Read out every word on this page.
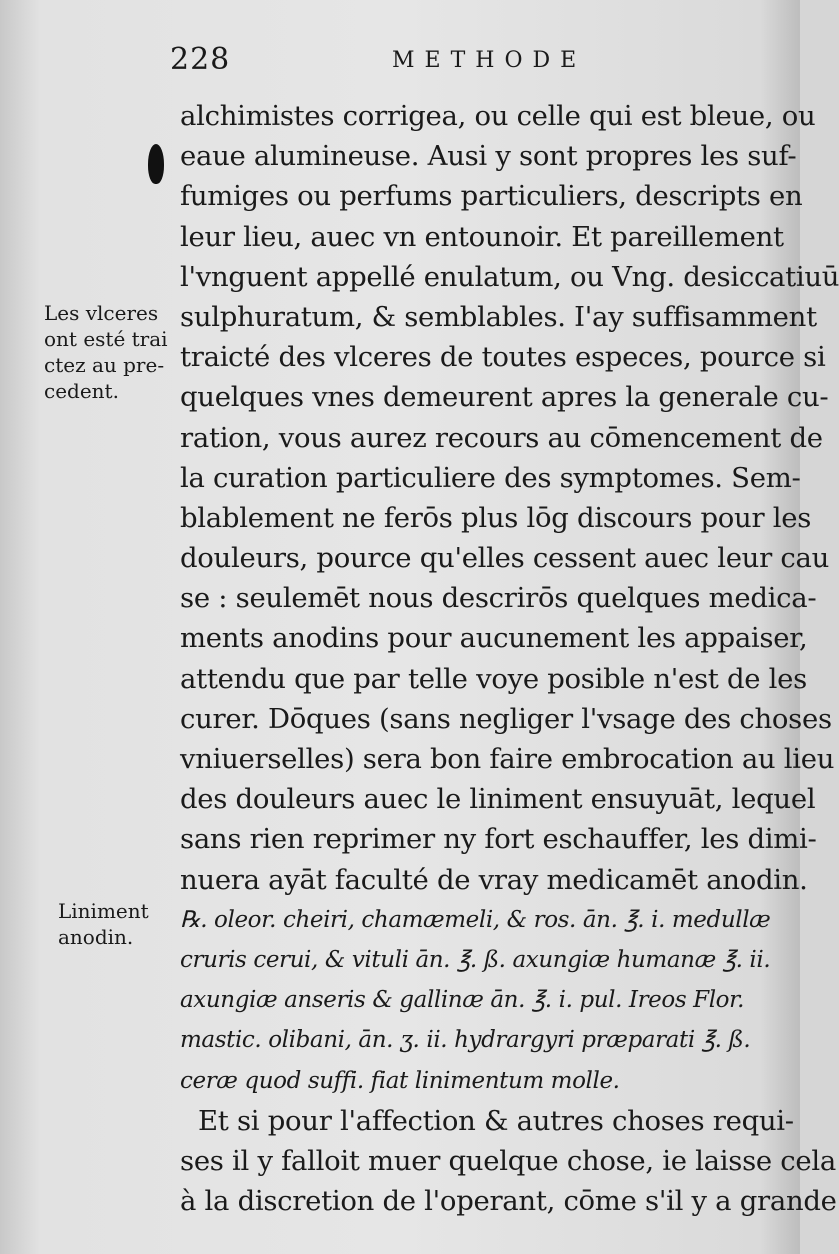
228	METHODE
alchimistes corrigea, ou celle qui est bleue, ou
eaue alumineuse. Ausi y sont propres les suf-
fumiges ou perfums particuliers, descripts en
leur lieu, auec vn entounoir. Et pareillement
l'vnguent appellé enulatum, ou Vng. desiccatiuū
sulphuratum, & semblables. I'ay suffisamment
traicté des vlceres de toutes especes, pource si
quelques vnes demeurent apres la generale cu-
ration, vous aurez recours au cōmencement de
la curation particuliere des symptomes. Sem-
blablement ne ferōs plus lōg discours pour les
douleurs, pource qu'elles cessent auec leur cau
se : seulemēt nous descrirōs quelques medica-
ments anodins pour aucunement les appaiser,
attendu que par telle voye posible n'est de les
curer. Dōques (sans negliger l'vsage des choses
vniuerselles) sera bon faire embrocation au lieu
des douleurs auec le liniment ensuyuāt, lequel
sans rien reprimer ny fort eschauffer, les dimi-
nuera ayāt faculté de vray medicamēt anodin.
℞. oleor. cheiri, chamæmeli, & ros. ān. ℥. i. medullæ
cruris cerui, & vituli ān. ℥. ß. axungiæ humanæ ℥. ii.
axungiæ anseris & gallinæ ān. ℥. i. pul. Ireos Flor.
mastic. olibani, ān. ʒ. ii. hydrargyri præparati ℥. ß.
ceræ quod suffi. fiat linimentum molle.
Et si pour l'affection & autres choses requi-
ses il y falloit muer quelque chose, ie laisse cela
à la discretion de l'operant, cōme s'il y a grande
Les vlceres
ont esté trai
ctez au pre-
cedent.
Liniment
anodin.
